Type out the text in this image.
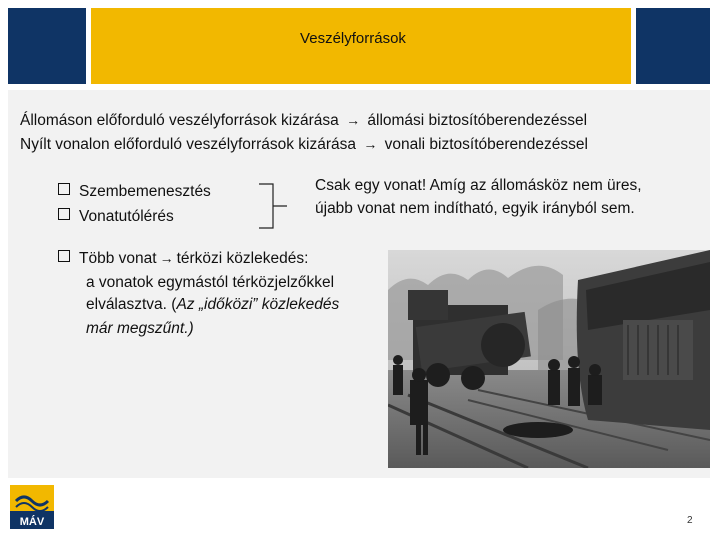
Veszélyforrások
Állomáson előforduló veszélyforrások kizárása → állomási biztosítóberendezéssel
Nyílt vonalon előforduló veszélyforrások kizárása → vonali biztosítóberendezéssel
Szembemenesztés
Vonatutólérés
Csak egy vonat! Amíg az állomásköz nem üres, újabb vonat nem indítható, egyik irányból sem.
Több vonat → térközi közlekedés:
a vonatok egymástól térközjelzőkkel
elválasztva. (Az „időközi” közlekedés
már megszűnt.)
MÁV	2
